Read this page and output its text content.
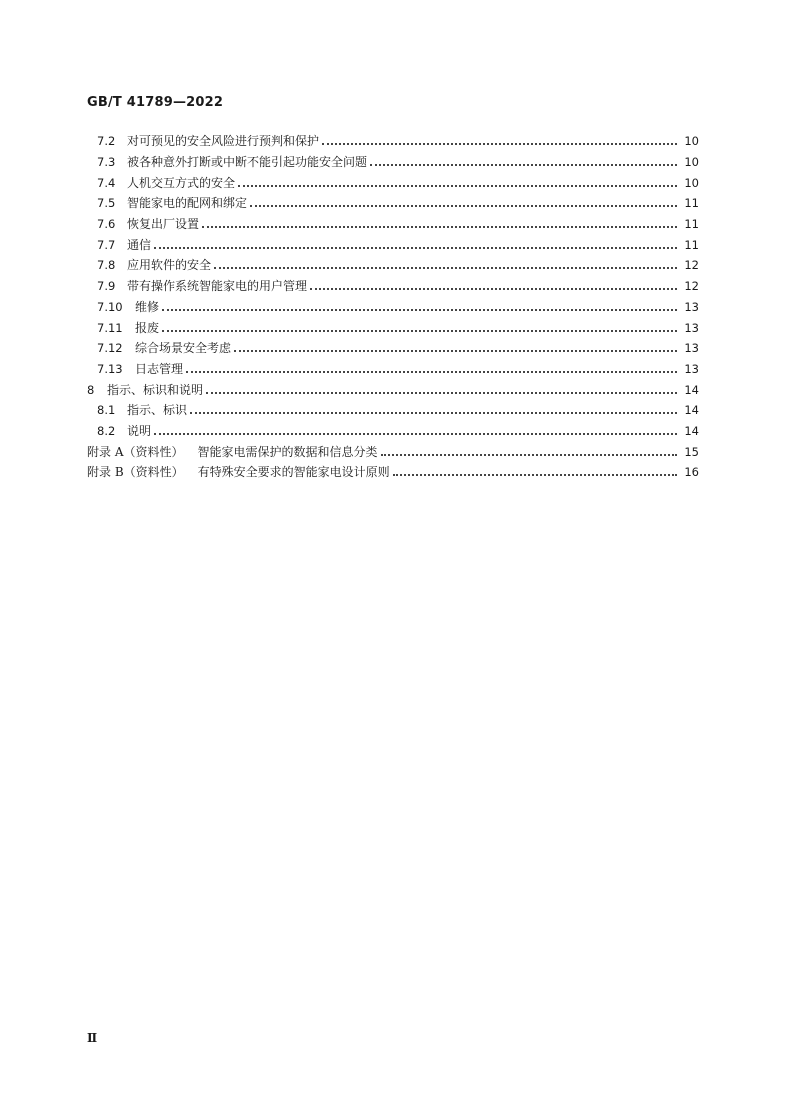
GB/T 41789—2022
7.2 对可预见的安全风险进行预判和保护	10
7.3 被各种意外打断或中断不能引起功能安全问题	10
7.4 人机交互方式的安全	10
7.5 智能家电的配网和绑定	11
7.6 恢复出厂设置	11
7.7 通信	11
7.8 应用软件的安全	12
7.9 带有操作系统智能家电的用户管理	12
7.10	维修	13
7.11	报废	13
7.12	综合场景安全考虑	13
7.13	日志管理	13
8	指示、标识和说明	14
8.1 指示、标识	14
8.2 说明	14
附录 A（资料性）	智能家电需保护的数据和信息分类	15
附录 B（资料性）	有特殊安全要求的智能家电设计原则	16
Ⅱ
